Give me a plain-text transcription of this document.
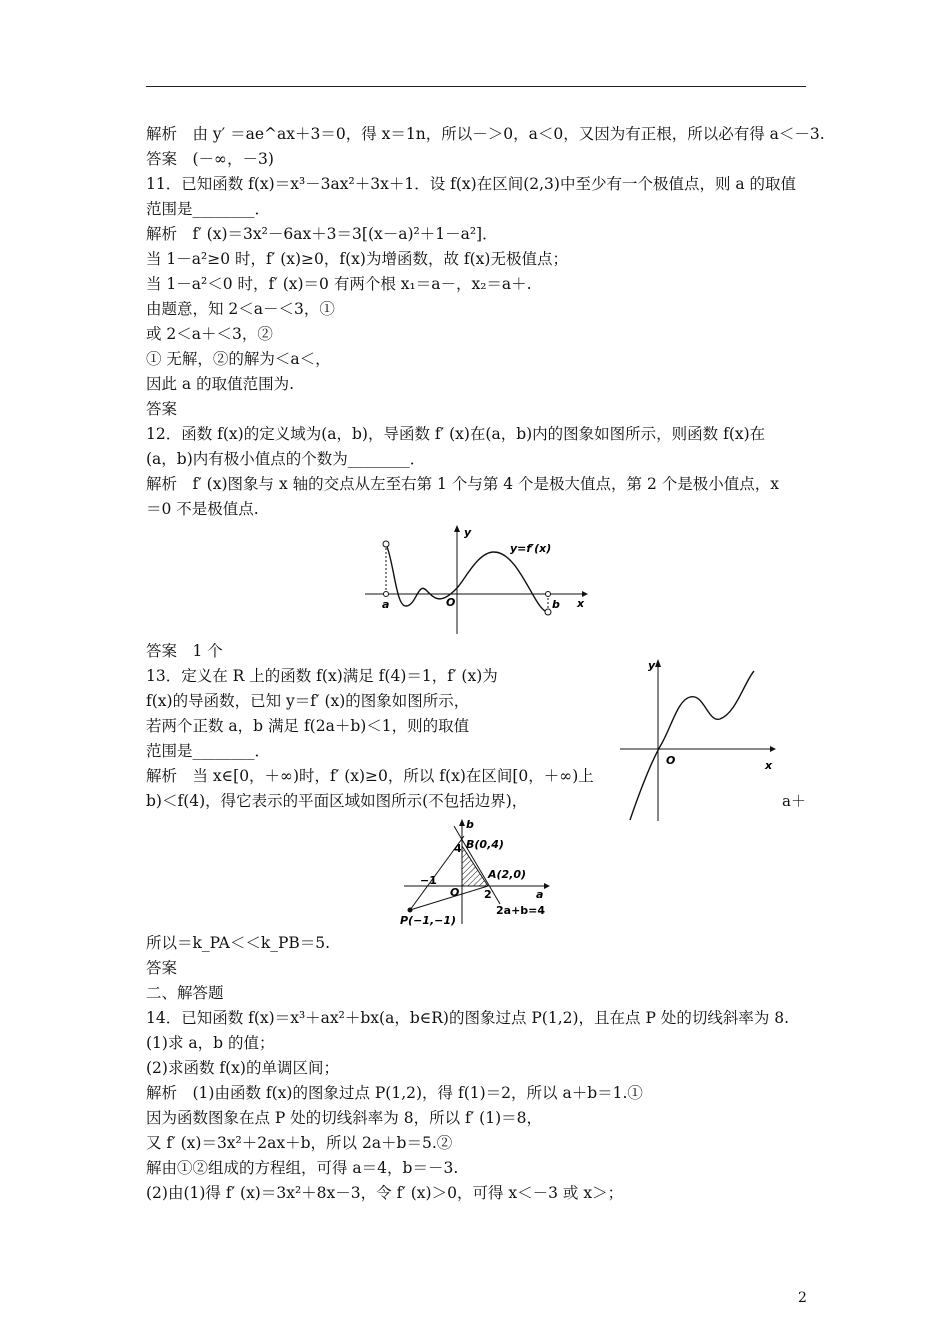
解析　由 y′ ＝ae^ax＋3＝0，得 x＝1n，所以－＞0，a＜0，又因为有正根，所以必有得 a＜－3.
答案　(－∞，－3)
11．已知函数 f(x)＝x³－3ax²＋3x＋1．设 f(x)在区间(2,3)中至少有一个极值点，则 a 的取值
范围是________．
解析　f′ (x)＝3x²－6ax＋3＝3[(x－a)²＋1－a²]．
当 1－a²≥0 时，f′ (x)≥0，f(x)为增函数，故 f(x)无极值点；
当 1－a²＜0 时，f′ (x)＝0 有两个根 x₁＝a－，x₂＝a＋.
由题意，知 2＜a－＜3，①
或 2＜a＋＜3，②
① 无解，②的解为＜a＜，
因此 a 的取值范围为.
答案
12．函数 f(x)的定义域为(a，b)，导函数 f′ (x)在(a，b)内的图象如图所示，则函数 f(x)在
(a，b)内有极小值点的个数为________．
解析　f′ (x)图象与 x 轴的交点从左至右第 1 个与第 4 个是极大值点，第 2 个是极小值点，x
＝0 不是极值点.
答案　1 个
13．定义在 R 上的函数 f(x)满足 f(4)＝1，f′ (x)为
f(x)的导函数，已知 y＝f′ (x)的图象如图所示，
若两个正数 a，b 满足 f(2a＋b)＜1，则的取值
范围是________．
解析　当 x∈[0，＋∞)时，f′ (x)≥0，所以 f(x)在区间[0，＋∞)上
b)＜f(4)，得它表示的平面区域如图所示(不包括边界)，
所以＝k_PA＜＜k_PB＝5.
答案
二、解答题
14．已知函数 f(x)＝x³＋ax²＋bx(a，b∈R)的图象过点 P(1,2)，且在点 P 处的切线斜率为 8.
(1)求 a，b 的值；
(2)求函数 f(x)的单调区间；
解析　(1)由函数 f(x)的图象过点 P(1,2)，得 f(1)＝2，所以 a＋b＝1.①
因为函数图象在点 P 处的切线斜率为 8，所以 f′ (1)＝8，
又 f′ (x)＝3x²＋2ax＋b，所以 2a＋b＝5.②
解由①②组成的方程组，可得 a＝4，b＝－3.
(2)由(1)得 f′ (x)＝3x²＋8x－3，令 f′ (x)＞0，可得 x＜－3 或 x＞；
y
x
y=f′(x)
O
a	b
y
x
O
a＋
4
−1
2
O
b
a
B(0,4)
A(2,0)
P(−1,−1)
2a+b=4
2
